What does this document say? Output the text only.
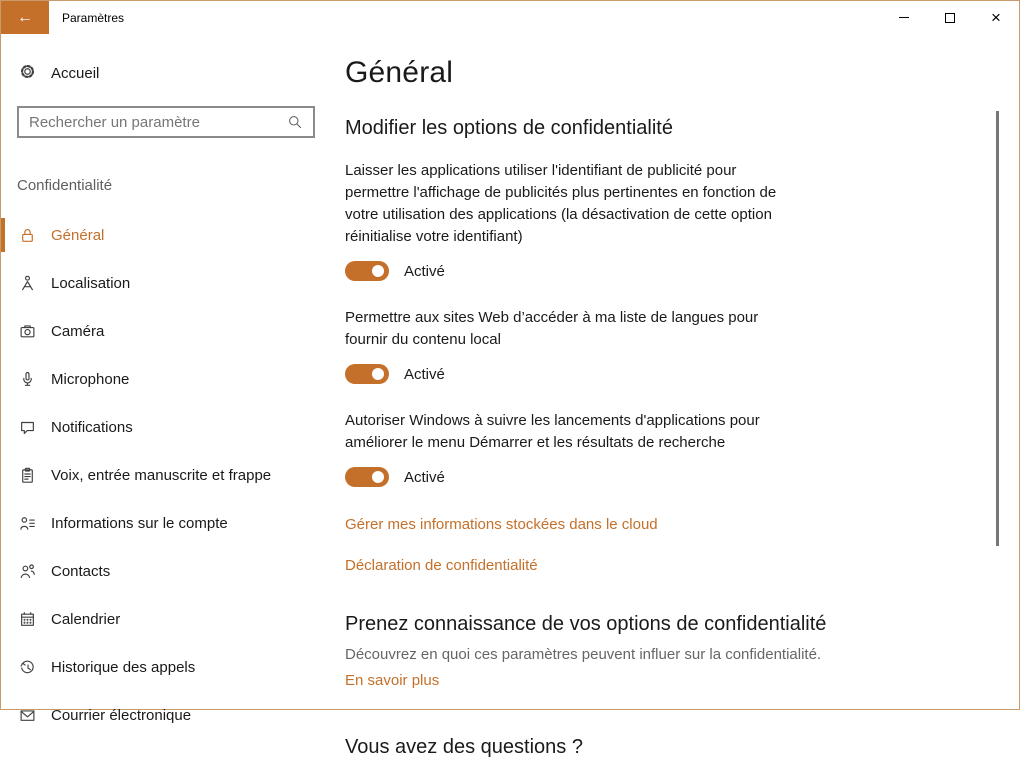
← Paramètres	×
Accueil
Rechercher un paramètre
Confidentialité
Général
Localisation
Caméra
Microphone
Notifications
Voix, entrée manuscrite et frappe
Informations sur le compte
Contacts
Calendrier
Historique des appels
Courrier électronique
Général
Modifier les options de confidentialité
Laisser les applications utiliser l'identifiant de publicité pour permettre l'affichage de publicités plus pertinentes en fonction de votre utilisation des applications (la désactivation de cette option réinitialise votre identifiant)
Activé
Permettre aux sites Web d’accéder à ma liste de langues pour fournir du contenu local
Activé
Autoriser Windows à suivre les lancements d'applications pour améliorer le menu Démarrer et les résultats de recherche
Activé
Gérer mes informations stockées dans le cloud
Déclaration de confidentialité
Prenez connaissance de vos options de confidentialité
Découvrez en quoi ces paramètres peuvent influer sur la confidentialité.
En savoir plus
Vous avez des questions ?
